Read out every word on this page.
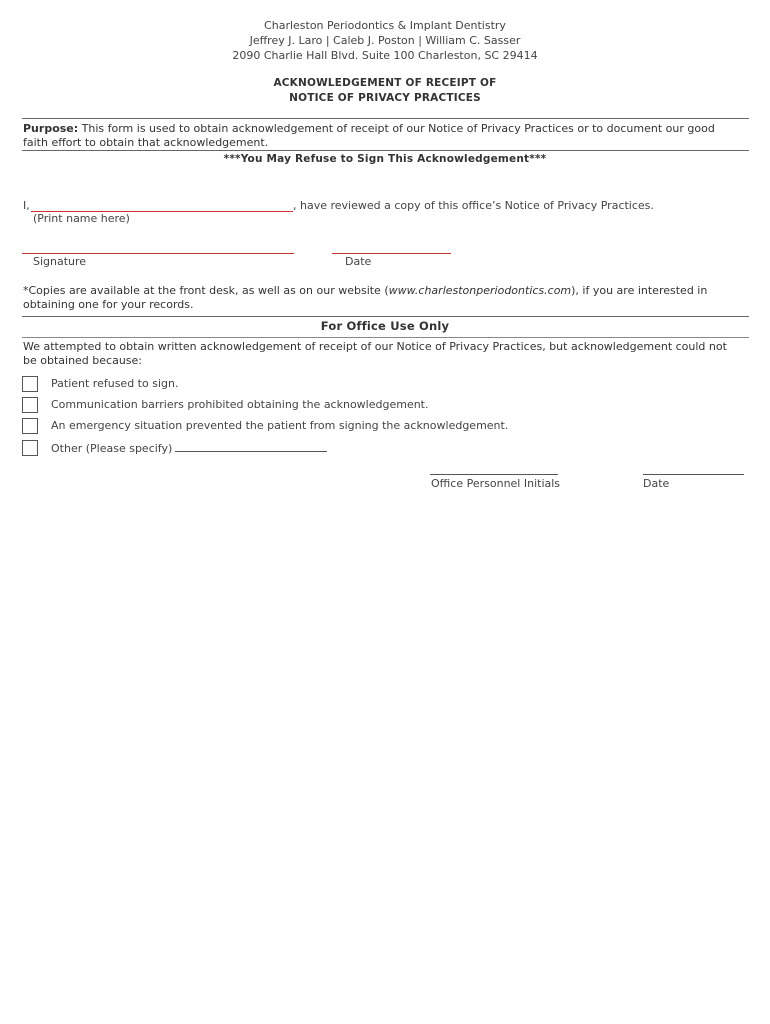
Charleston Periodontics & Implant Dentistry
Jeffrey J. Laro | Caleb J. Poston | William C. Sasser
2090 Charlie Hall Blvd. Suite 100 Charleston, SC 29414
ACKNOWLEDGEMENT OF RECEIPT OF
NOTICE OF PRIVACY PRACTICES
Purpose: This form is used to obtain acknowledgement of receipt of our Notice of Privacy Practices or to document our good faith effort to obtain that acknowledgement.
***You May Refuse to Sign This Acknowledgement***
I,	, have reviewed a copy of this office’s Notice of Privacy Practices.
(Print name here)
Signature	Date
*Copies are available at the front desk, as well as on our website (www.charlestonperiodontics.com), if you are interested in obtaining one for your records.
For Office Use Only
We attempted to obtain written acknowledgement of receipt of our Notice of Privacy Practices, but acknowledgement could not be obtained because:
Patient refused to sign.
Communication barriers prohibited obtaining the acknowledgement.
An emergency situation prevented the patient from signing the acknowledgement.
Other (Please specify)
Office Personnel Initials	Date
